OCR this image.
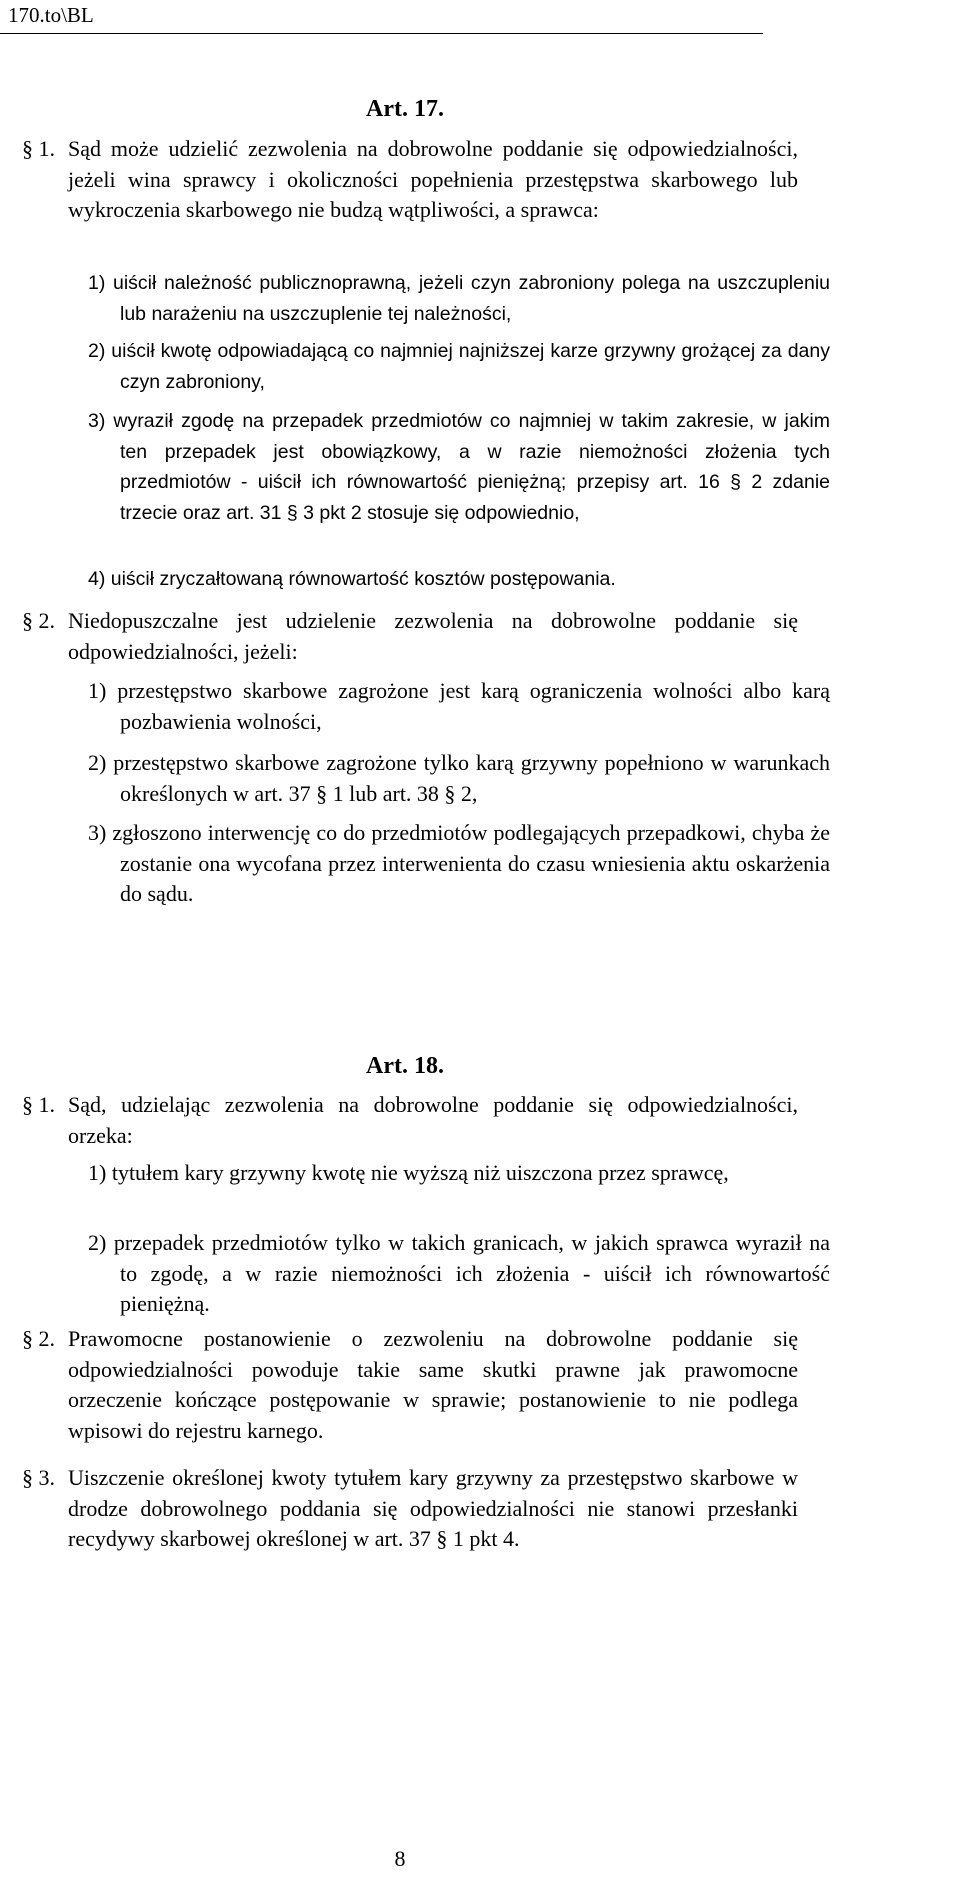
170.to\BL
Art. 17.
§ 1. Sąd może udzielić zezwolenia na dobrowolne poddanie się odpowiedzialności, jeżeli wina sprawcy i okoliczności popełnienia przestępstwa skarbowego lub wykroczenia skarbowego nie budzą wątpliwości, a sprawca:
1) uiścił należność publicznoprawną, jeżeli czyn zabroniony polega na uszczupleniu lub narażeniu na uszczuplenie tej należności,
2) uiścił kwotę odpowiadającą co najmniej najniższej karze grzywny grożącej za dany czyn zabroniony,
3) wyraził zgodę na przepadek przedmiotów co najmniej w takim zakresie, w jakim ten przepadek jest obowiązkowy, a w razie niemożności złożenia tych przedmiotów - uiścił ich równowartość pieniężną; przepisy art. 16 § 2 zdanie trzecie oraz art. 31 § 3 pkt 2 stosuje się odpowiednio,
4) uiścił zryczałtowaną równowartość kosztów postępowania.
§ 2. Niedopuszczalne jest udzielenie zezwolenia na dobrowolne poddanie się odpowiedzialności, jeżeli:
1) przestępstwo skarbowe zagrożone jest karą ograniczenia wolności albo karą pozbawienia wolności,
2) przestępstwo skarbowe zagrożone tylko karą grzywny popełniono w warunkach określonych w art. 37 § 1 lub art. 38 § 2,
3) zgłoszono interwencję co do przedmiotów podlegających przepadkowi, chyba że zostanie ona wycofana przez interwenienta do czasu wniesienia aktu oskarżenia do sądu.
Art. 18.
§ 1. Sąd, udzielając zezwolenia na dobrowolne poddanie się odpowiedzialności, orzeka:
1) tytułem kary grzywny kwotę nie wyższą niż uiszczona przez sprawcę,
2) przepadek przedmiotów tylko w takich granicach, w jakich sprawca wyraził na to zgodę, a w razie niemożności ich złożenia - uiścił ich równowartość pieniężną.
§ 2. Prawomocne postanowienie o zezwoleniu na dobrowolne poddanie się odpowiedzialności powoduje takie same skutki prawne jak prawomocne orzeczenie kończące postępowanie w sprawie; postanowienie to nie podlega wpisowi do rejestru karnego.
§ 3. Uiszczenie określonej kwoty tytułem kary grzywny za przestępstwo skarbowe w drodze dobrowolnego poddania się odpowiedzialności nie stanowi przesłanki recydywy skarbowej określonej w art. 37 § 1 pkt 4.
8
